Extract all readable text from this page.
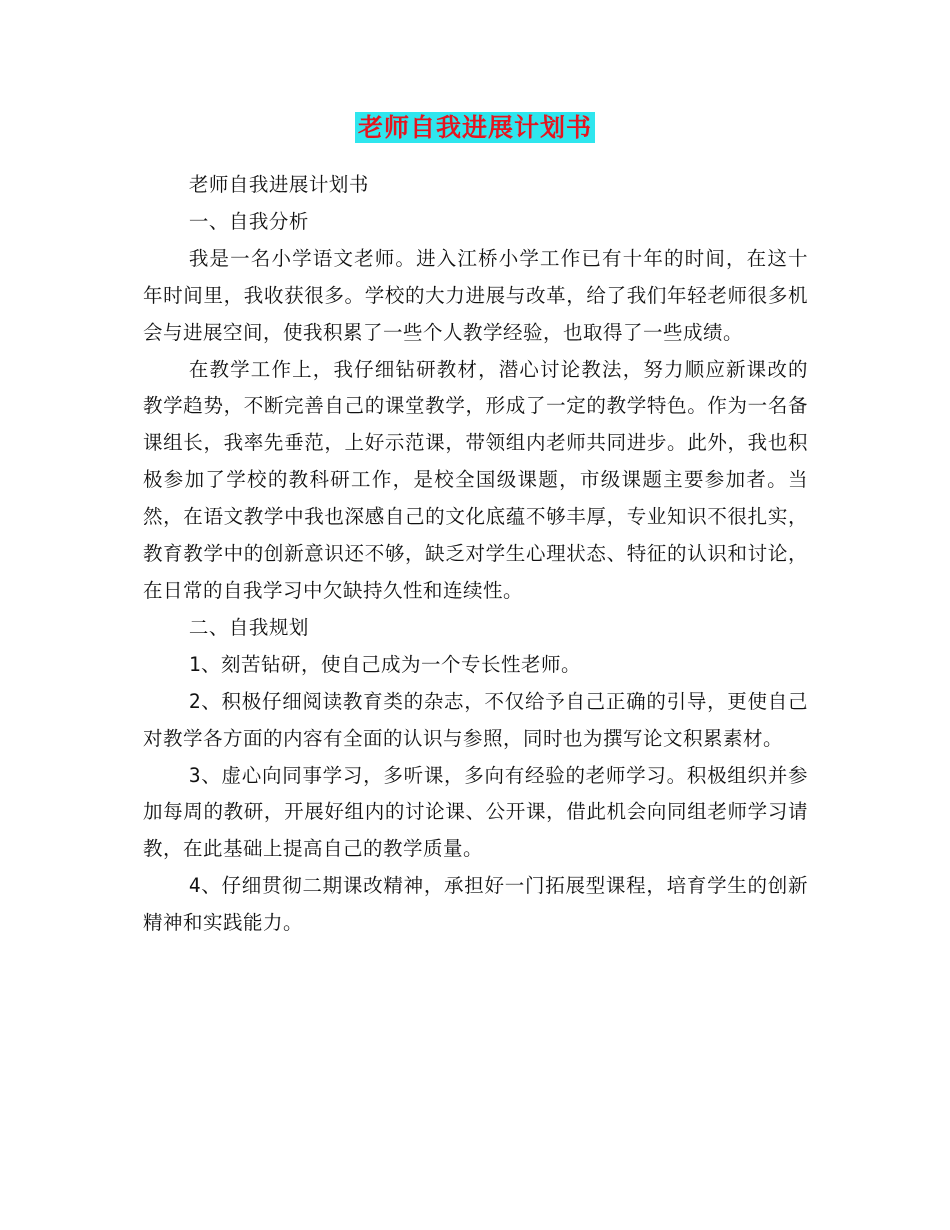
老师自我进展计划书

老师自我进展计划书

一、自我分析

我是一名小学语文老师。进入江桥小学工作已有十年的时间，在这十年时间里，我收获很多。学校的大力进展与改革，给了我们年轻老师很多机会与进展空间，使我积累了一些个人教学经验，也取得了一些成绩。

在教学工作上，我仔细钻研教材，潜心讨论教法，努力顺应新课改的教学趋势，不断完善自己的课堂教学，形成了一定的教学特色。作为一名备课组长，我率先垂范，上好示范课，带领组内老师共同进步。此外，我也积极参加了学校的教科研工作，是校全国级课题，市级课题主要参加者。当然，在语文教学中我也深感自己的文化底蕴不够丰厚，专业知识不很扎实，教育教学中的创新意识还不够，缺乏对学生心理状态、特征的认识和讨论，在日常的自我学习中欠缺持久性和连续性。

二、自我规划

1、刻苦钻研，使自己成为一个专长性老师。

2、积极仔细阅读教育类的杂志，不仅给予自己正确的引导，更使自己对教学各方面的内容有全面的认识与参照，同时也为撰写论文积累素材。

3、虚心向同事学习，多听课，多向有经验的老师学习。积极组织并参加每周的教研，开展好组内的讨论课、公开课，借此机会向同组老师学习请教，在此基础上提高自己的教学质量。

4、仔细贯彻二期课改精神，承担好一门拓展型课程，培育学生的创新精神和实践能力。
